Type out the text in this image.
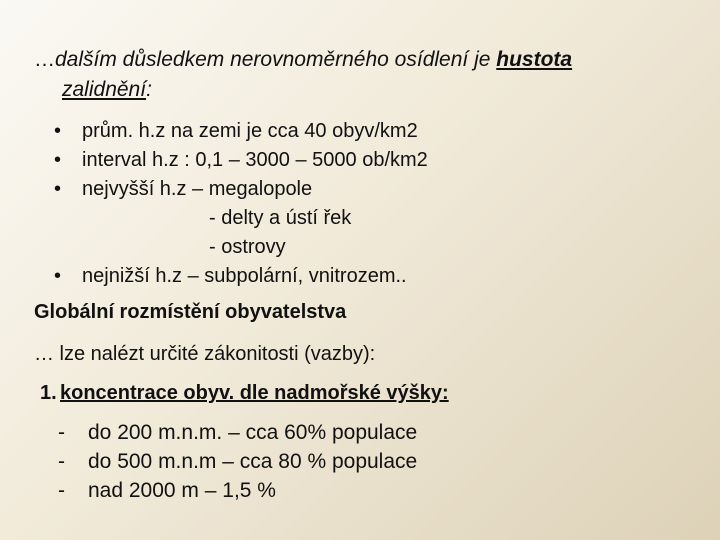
…dalším důsledkem nerovnoměrného osídlení je hustota
zalidnění:
•	prům. h.z na zemi je cca 40 obyv/km2
•	interval h.z : 0,1 – 3000 – 5000 ob/km2
•	nejvyšší h.z – megalopole
- delty a ústí řek
- ostrovy
•	nejnižší h.z – subpolární, vnitrozem..
Globální rozmístění obyvatelstva
… lze nalézt určité zákonitosti (vazby):
1. koncentrace obyv. dle nadmořské výšky:
- do 200 m.n.m. – cca 60% populace
- do 500 m.n.m – cca 80 % populace
- nad 2000 m – 1,5 %
